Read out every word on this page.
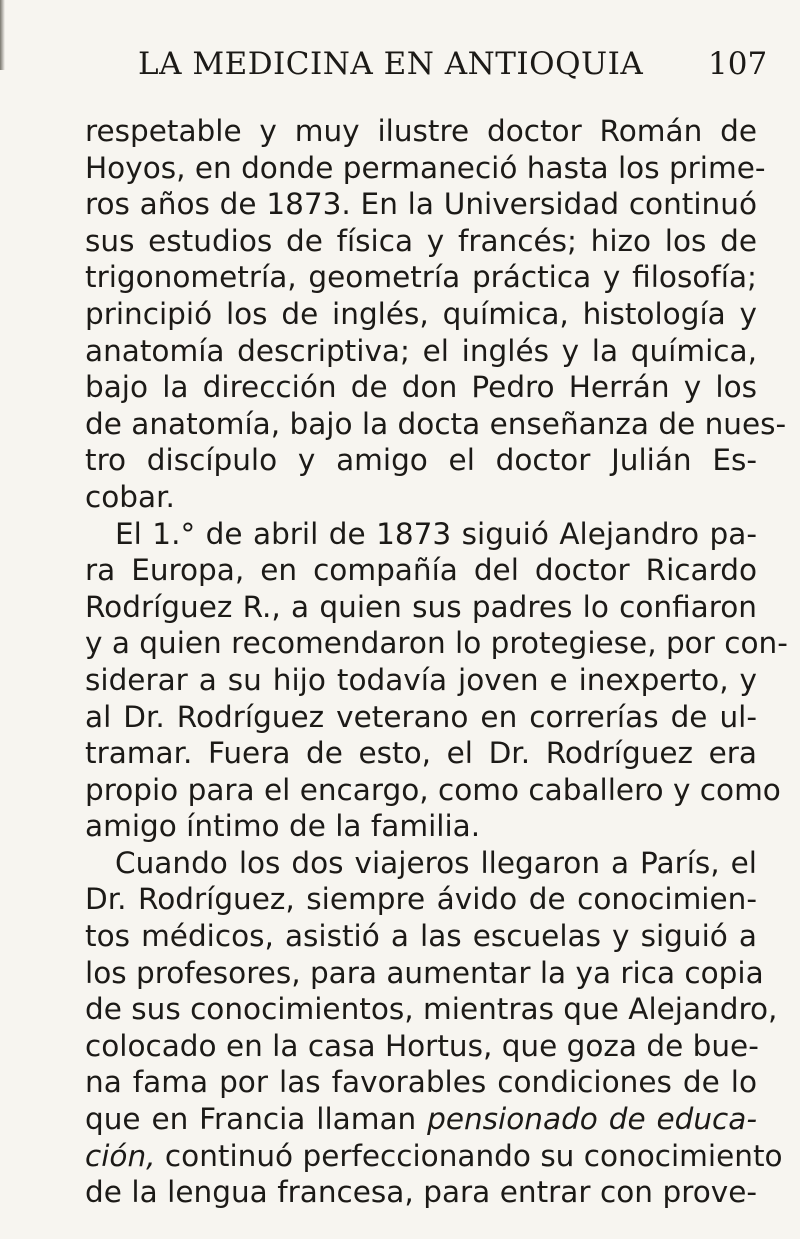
LA MEDICINA EN ANTIOQUIA 107
respetable y muy ilustre doctor Román de
Hoyos, en donde permaneció hasta los prime-
ros años de 1873. En la Universidad continuó
sus estudios de física y francés; hizo los de
trigonometría, geometría práctica y filosofía;
principió los de inglés, química, histología y
anatomía descriptiva; el inglés y la química,
bajo la dirección de don Pedro Herrán y los
de anatomía, bajo la docta enseñanza de nues-
tro discípulo y amigo el doctor Julián Es-
cobar.
El 1.° de abril de 1873 siguió Alejandro pa-
ra Europa, en compañía del doctor Ricardo
Rodríguez R., a quien sus padres lo confiaron
y a quien recomendaron lo protegiese, por con-
siderar a su hijo todavía joven e inexperto, y
al Dr. Rodríguez veterano en correrías de ul-
tramar. Fuera de esto, el Dr. Rodríguez era
propio para el encargo, como caballero y como
amigo íntimo de la familia.
Cuando los dos viajeros llegaron a París, el
Dr. Rodríguez, siempre ávido de conocimien-
tos médicos, asistió a las escuelas y siguió a
los profesores, para aumentar la ya rica copia
de sus conocimientos, mientras que Alejandro,
colocado en la casa Hortus, que goza de bue-
na fama por las favorables condiciones de lo
que en Francia llaman pensionado de educa-
ción, continuó perfeccionando su conocimiento
de la lengua francesa, para entrar con prove-
